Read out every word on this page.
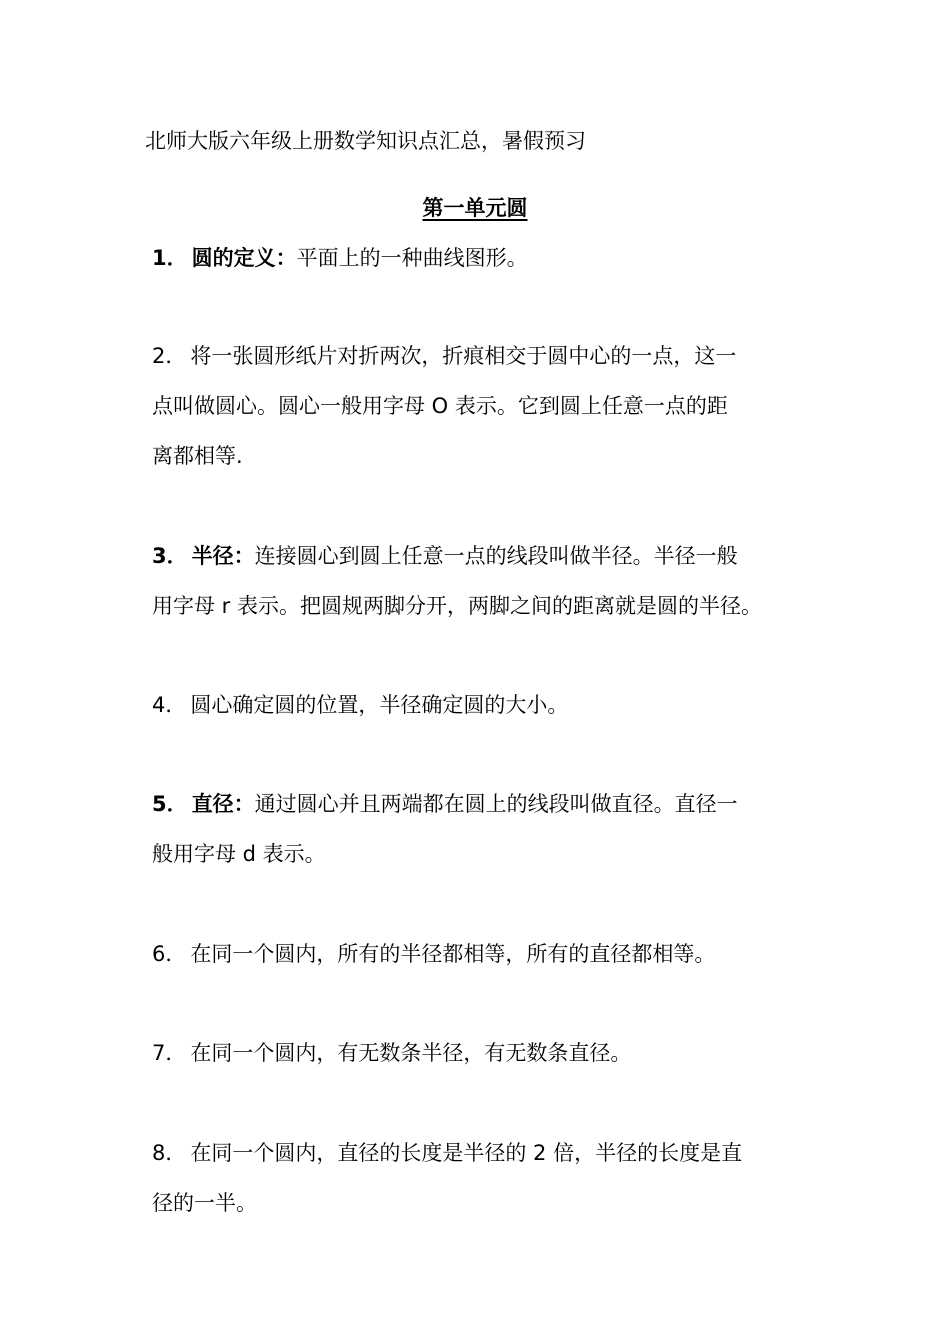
北师大版六年级上册数学知识点汇总，暑假预习
第一单元圆
1． 圆的定义：平面上的一种曲线图形。
2． 将一张圆形纸片对折两次，折痕相交于圆中心的一点，这一
点叫做圆心。圆心一般用字母 O 表示。它到圆上任意一点的距
离都相等.
3． 半径：连接圆心到圆上任意一点的线段叫做半径。半径一般
用字母 r 表示。把圆规两脚分开，两脚之间的距离就是圆的半径。
4． 圆心确定圆的位置，半径确定圆的大小。
5． 直径：通过圆心并且两端都在圆上的线段叫做直径。直径一
般用字母 d 表示。
6． 在同一个圆内，所有的半径都相等，所有的直径都相等。
7． 在同一个圆内，有无数条半径，有无数条直径。
8． 在同一个圆内，直径的长度是半径的 2 倍，半径的长度是直
径的一半。
